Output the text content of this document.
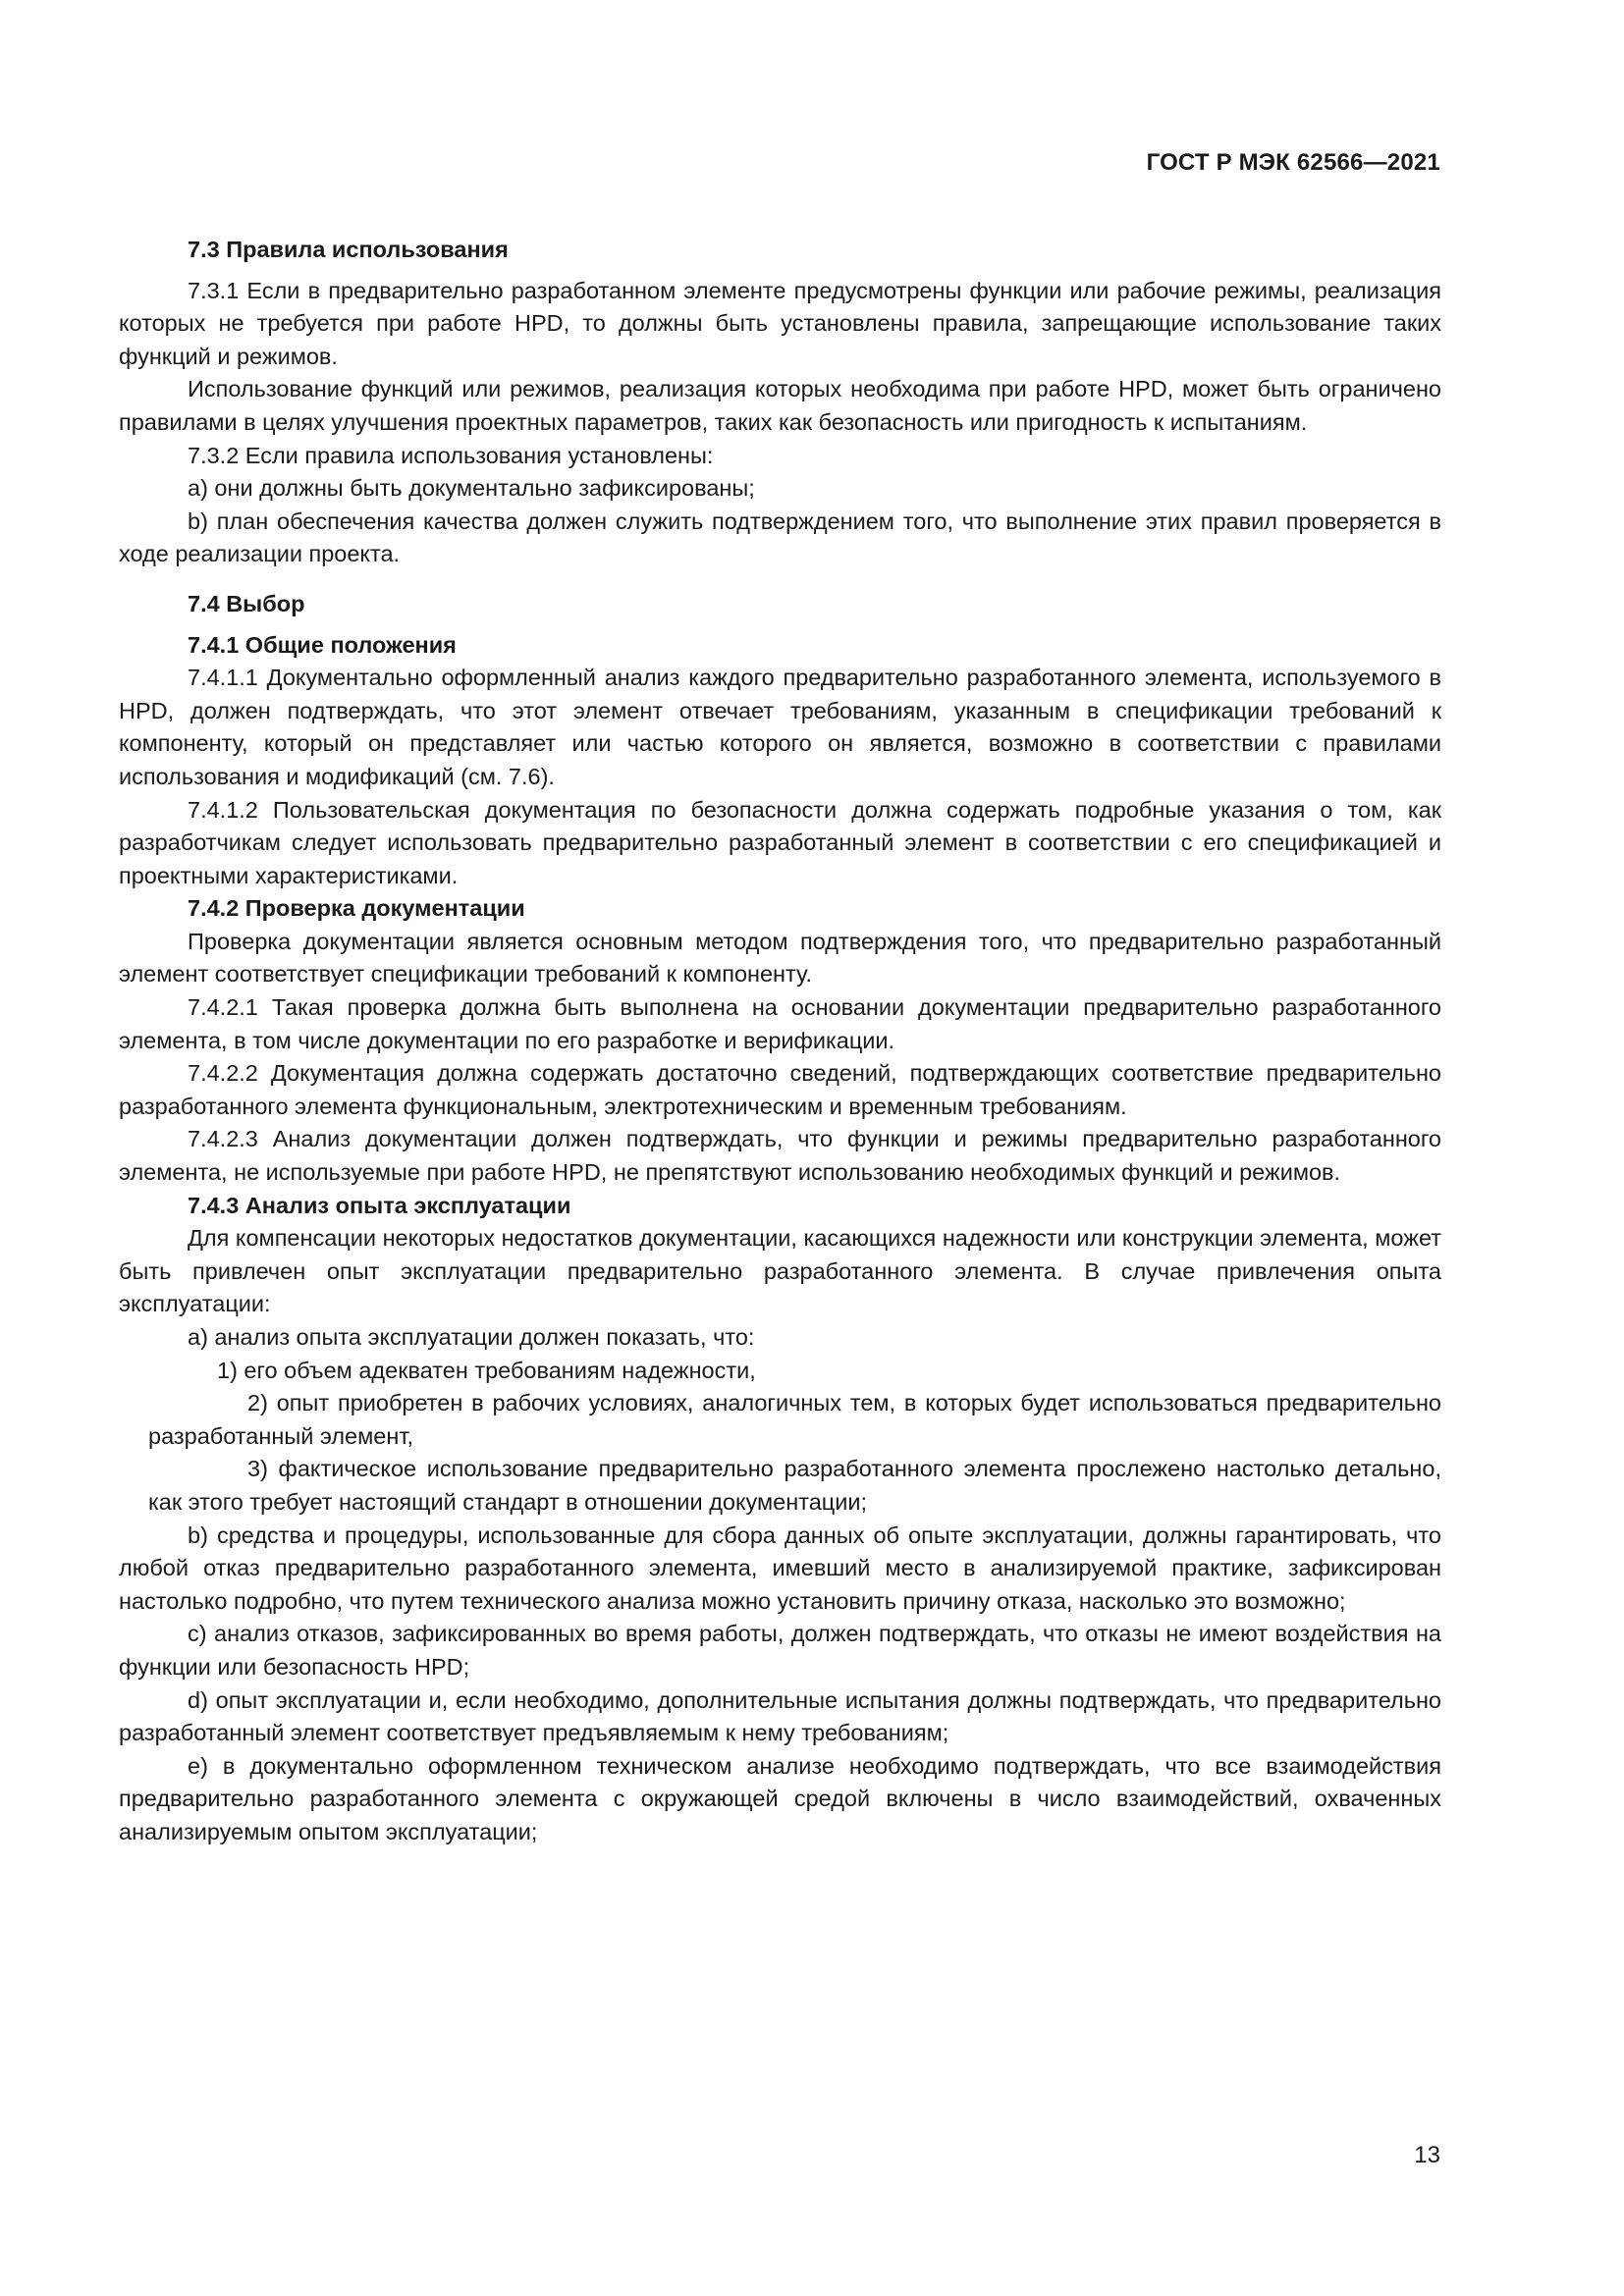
ГОСТ Р МЭК 62566—2021
7.3 Правила использования

7.3.1 Если в предварительно разработанном элементе предусмотрены функции или рабочие режимы, реализация которых не требуется при работе HPD, то должны быть установлены правила, запрещающие использование таких функций и режимов.

Использование функций или режимов, реализация которых необходима при работе HPD, может быть ограничено правилами в целях улучшения проектных параметров, таких как безопасность или пригодность к испытаниям.

7.3.2 Если правила использования установлены:

a) они должны быть документально зафиксированы;

b) план обеспечения качества должен служить подтверждением того, что выполнение этих правил проверяется в ходе реализации проекта.

7.4 Выбор
7.4.1 Общие положения

7.4.1.1 Документально оформленный анализ каждого предварительно разработанного элемента, используемого в HPD, должен подтверждать, что этот элемент отвечает требованиям, указанным в спецификации требований к компоненту, который он представляет или частью которого он является, возможно в соответствии с правилами использования и модификаций (см. 7.6).

7.4.1.2 Пользовательская документация по безопасности должна содержать подробные указания о том, как разработчикам следует использовать предварительно разработанный элемент в соответствии с его спецификацией и проектными характеристиками.

7.4.2 Проверка документации

Проверка документации является основным методом подтверждения того, что предварительно разработанный элемент соответствует спецификации требований к компоненту.

7.4.2.1 Такая проверка должна быть выполнена на основании документации предварительно разработанного элемента, в том числе документации по его разработке и верификации.

7.4.2.2 Документация должна содержать достаточно сведений, подтверждающих соответствие предварительно разработанного элемента функциональным, электротехническим и временным требованиям.

7.4.2.3 Анализ документации должен подтверждать, что функции и режимы предварительно разработанного элемента, не используемые при работе HPD, не препятствуют использованию необходимых функций и режимов.

7.4.3 Анализ опыта эксплуатации

Для компенсации некоторых недостатков документации, касающихся надежности или конструкции элемента, может быть привлечен опыт эксплуатации предварительно разработанного элемента. В случае привлечения опыта эксплуатации:

a) анализ опыта эксплуатации должен показать, что:

1) его объем адекватен требованиям надежности,

2) опыт приобретен в рабочих условиях, аналогичных тем, в которых будет использоваться предварительно разработанный элемент,

3) фактическое использование предварительно разработанного элемента прослежено настолько детально, как этого требует настоящий стандарт в отношении документации;

b) средства и процедуры, использованные для сбора данных об опыте эксплуатации, должны гарантировать, что любой отказ предварительно разработанного элемента, имевший место в анализируемой практике, зафиксирован настолько подробно, что путем технического анализа можно установить причину отказа, насколько это возможно;

c) анализ отказов, зафиксированных во время работы, должен подтверждать, что отказы не имеют воздействия на функции или безопасность HPD;

d) опыт эксплуатации и, если необходимо, дополнительные испытания должны подтверждать, что предварительно разработанный элемент соответствует предъявляемым к нему требованиям;

e) в документально оформленном техническом анализе необходимо подтверждать, что все взаимодействия предварительно разработанного элемента с окружающей средой включены в число взаимодействий, охваченных анализируемым опытом эксплуатации;

13
